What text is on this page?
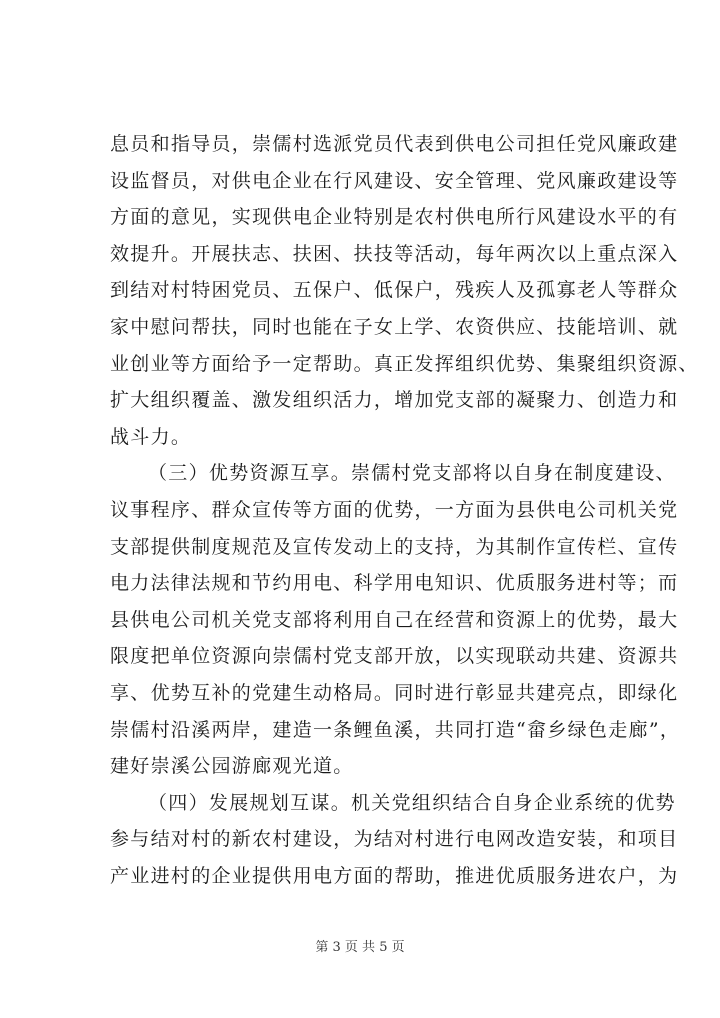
息员和指导员，崇儒村选派党员代表到供电公司担任党风廉政建
设监督员，对供电企业在行风建设、安全管理、党风廉政建设等
方面的意见，实现供电企业特别是农村供电所行风建设水平的有
效提升。开展扶志、扶困、扶技等活动，每年两次以上重点深入
到结对村特困党员、五保户、低保户，残疾人及孤寡老人等群众
家中慰问帮扶，同时也能在子女上学、农资供应、技能培训、就
业创业等方面给予一定帮助。真正发挥组织优势、集聚组织资源、
扩大组织覆盖、激发组织活力，增加党支部的凝聚力、创造力和
战斗力。
（三）优势资源互享。崇儒村党支部将以自身在制度建设、
议事程序、群众宣传等方面的优势，一方面为县供电公司机关党
支部提供制度规范及宣传发动上的支持，为其制作宣传栏、宣传
电力法律法规和节约用电、科学用电知识、优质服务进村等；而
县供电公司机关党支部将利用自己在经营和资源上的优势，最大
限度把单位资源向崇儒村党支部开放，以实现联动共建、资源共
享、优势互补的党建生动格局。同时进行彰显共建亮点，即绿化
崇儒村沿溪两岸，建造一条鲤鱼溪，共同打造“畲乡绿色走廊”，
建好崇溪公园游廊观光道。
（四）发展规划互谋。机关党组织结合自身企业系统的优势
参与结对村的新农村建设，为结对村进行电网改造安装，和项目
产业进村的企业提供用电方面的帮助，推进优质服务进农户，为
第 3 页 共 5 页
